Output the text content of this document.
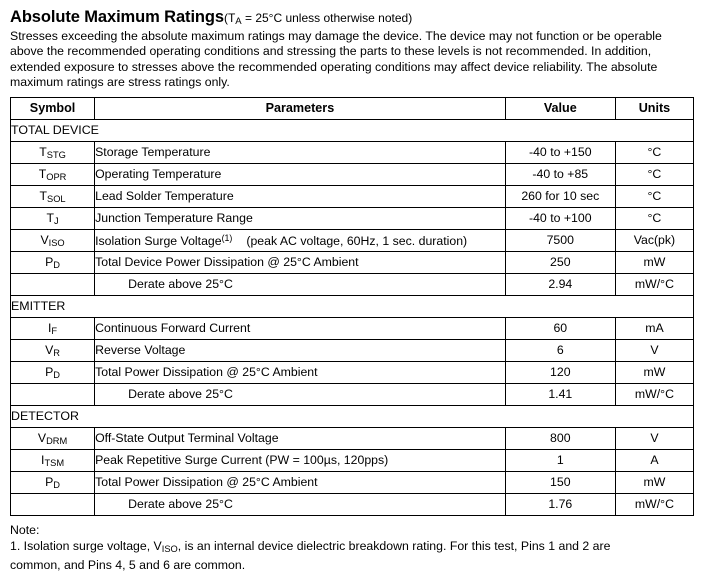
Absolute Maximum $Ratings(T_A = 25^\circ C$ unless otherwise noted)

Stresses exceeding the absolute maximum ratings may damage the device. The device may not function or be operable above the recommended operating conditions and stressing the parts to these levels is not recommended. In addition, extended exposure to stresses above the recommended operating conditions may affect device reliability. The absolute maximum ratings are stress ratings only.

Symbol	Parameters	Value	Units
TOTAL DEVICE			
$T_{STG}$	Storage Temperature	-40 to +150	°C
$T_{OPR}$	Operating Temperature	-40 to +85	°C
$T_{SOL}$	Lead Solder Temperature	260 for 10 sec	°C
$T_J$	Junction Temperature Range	-40 to +100	°C
$V_{ISO}$	Isolation Surge Voltage$^{(1)}$ (peak AC voltage, 60Hz, 1 sec. duration)	7500	Vac(pk)
$P_D$	Total Device Power Dissipation @ 25°C Ambient	250	mW
	Derate above 25°C	2.94	mW/°C
EMITTER			
$I_F$	Continuous Forward Current	60	mA
$V_R$	Reverse Voltage	6	V
$P_D$	Total Power Dissipation @ 25°C Ambient	120	mW
	Derate above 25°C	1.41	mW/°C
DETECTOR			
$V_{DRM}$	Off-State Output Terminal Voltage	800	V
$I_{TSM}$	Peak Repetitive Surge Current (PW = 100µs, 120pps)	1	A
$P_D$	Total Power Dissipation @ 25°C Ambient	150	mW
	Derate above 25°C	1.76	mW/°C
Note:
1. Isolation surge voltage, $V_{ISO}$, is an internal device dielectric breakdown rating. For this test, Pins 1 and 2 are
common, and Pins 4, 5 and 6 are common.
